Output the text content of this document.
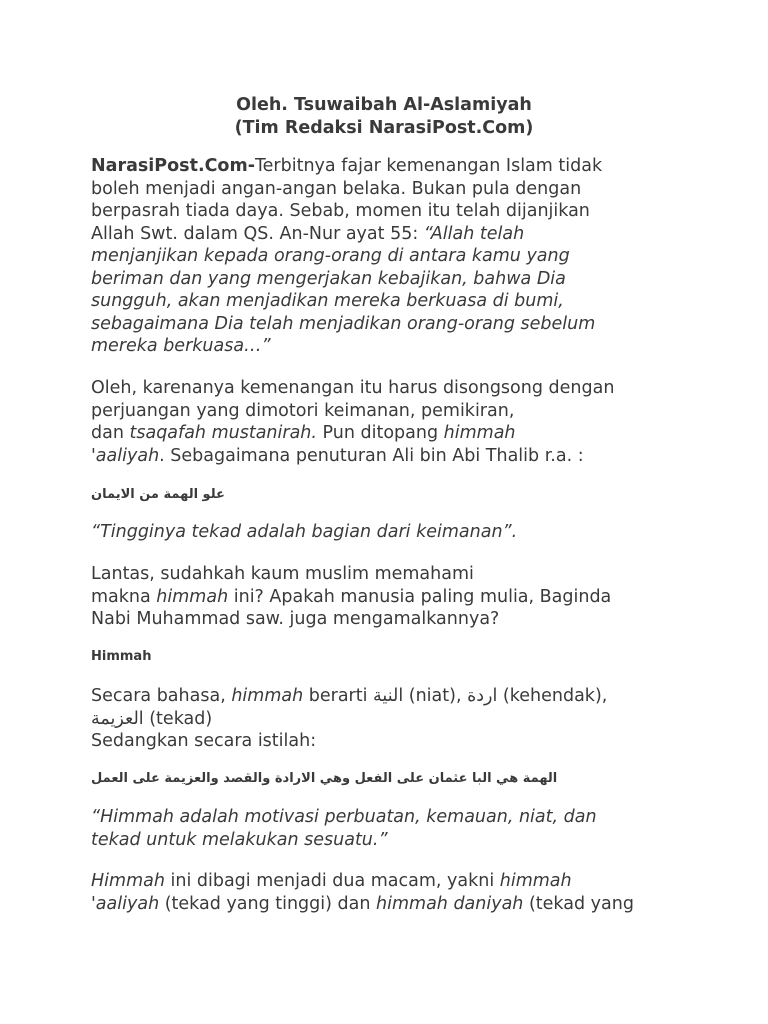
Oleh. Tsuwaibah Al-Aslamiyah
(Tim Redaksi NarasiPost.Com)
NarasiPost.Com-Terbitnya fajar kemenangan Islam tidak
boleh menjadi angan-angan belaka. Bukan pula dengan
berpasrah tiada daya. Sebab, momen itu telah dijanjikan
Allah Swt. dalam QS. An-Nur ayat 55: “Allah telah
menjanjikan kepada orang-orang di antara kamu yang
beriman dan yang mengerjakan kebajikan, bahwa Dia
sungguh, akan menjadikan mereka berkuasa di bumi,
sebagaimana Dia telah menjadikan orang-orang sebelum
mereka berkuasa…”
Oleh, karenanya kemenangan itu harus disongsong dengan
perjuangan yang dimotori keimanan, pemikiran,
dan tsaqafah mustanirah. Pun ditopang himmah
'aaliyah. Sebagaimana penuturan Ali bin Abi Thalib r.a. :
علو الهمة من الايمان
“Tingginya tekad adalah bagian dari keimanan”.
Lantas, sudahkah kaum muslim memahami
makna himmah ini? Apakah manusia paling mulia, Baginda
Nabi Muhammad saw. juga mengamalkannya?
Himmah
Secara bahasa, himmah berarti النية (niat), اردة (kehendak),
العزيمة (tekad)
Sedangkan secara istilah:
الهمة هي البا عثمان على الفعل وهي الارادة والقصد والعزيمة على العمل
“Himmah adalah motivasi perbuatan, kemauan, niat, dan
tekad untuk melakukan sesuatu.”
Himmah ini dibagi menjadi dua macam, yakni himmah
'aaliyah (tekad yang tinggi) dan himmah daniyah (tekad yang
